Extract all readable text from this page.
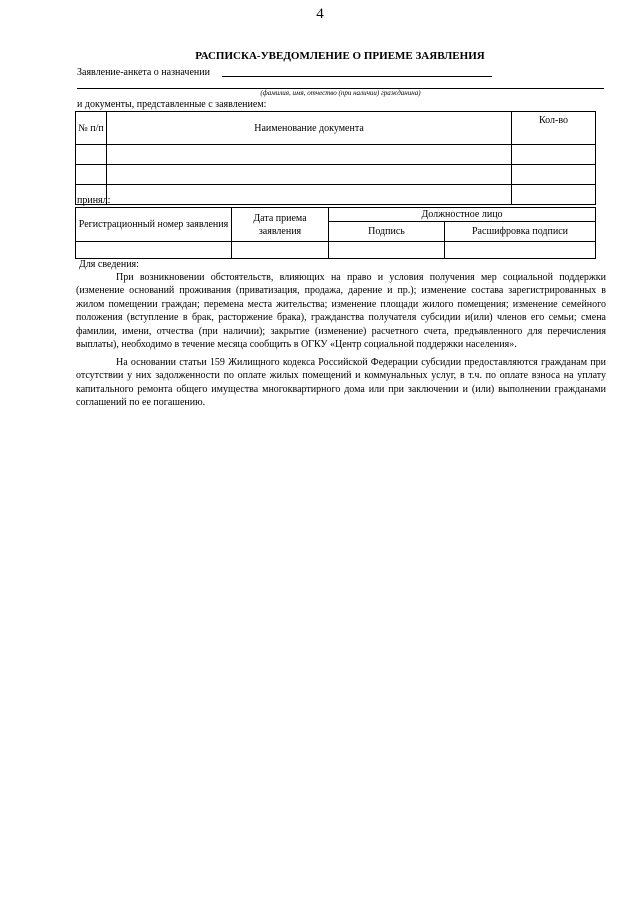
4
РАСПИСКА-УВЕДОМЛЕНИЕ О ПРИЕМЕ ЗАЯВЛЕНИЯ
Заявление-анкета о назначении
(фамилия, имя, отчество (при наличии) гражданина)
и документы, представленные с заявлением:
№ п/п	Наименование документа	Кол-во

принял:
Регистрационный номер заявления	Дата приема заявления	Должностное лицо	
		Подпись	Расшифровка подписи

Для сведения:
При возникновении обстоятельств, влияющих на право и условия получения мер социальной поддержки (изменение оснований проживания (приватизация, продажа, дарение и пр.); изменение состава зарегистрированных в жилом помещении граждан; перемена места жительства; изменение площади жилого помещения; изменение семейного положения (вступление в брак, расторжение брака), гражданства получателя субсидии и(или) членов его семьи; смена фамилии, имени, отчества (при наличии); закрытие (изменение) расчетного счета, предъявленного для перечисления выплаты), необходимо в течение месяца сообщить в ОГКУ «Центр социальной поддержки населения».
На основании статьи 159 Жилищного кодекса Российской Федерации субсидии предоставляются гражданам при отсутствии у них задолженности по оплате жилых помещений и коммунальных услуг, в т.ч. по оплате взноса на уплату капитального ремонта общего имущества многоквартирного дома или при заключении и (или) выполнении гражданами соглашений по ее погашению.
